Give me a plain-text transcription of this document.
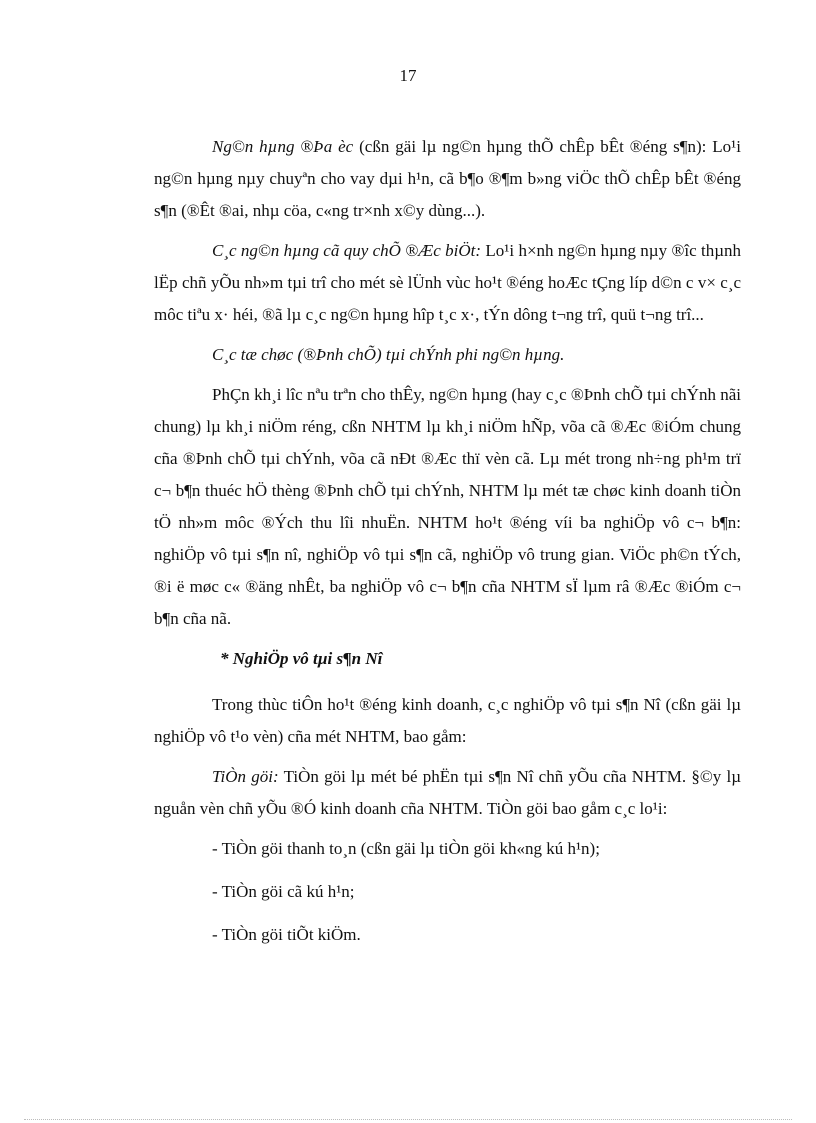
17

Ng©n hµng ®Þa èc (cßn gäi lµ ng©n hµng thÕ chÊp bÊt ®éng s¶n): Lo¹i ng©n hµng nµy chuyªn cho vay dµi h¹n, cã b¶o ®¶m b»ng viÖc thÕ chÊp bÊt ®éng s¶n (®Êt ®ai, nhµ cöa, c«ng tr×nh x©y dùng...).

C¸c ng©n hµng cã quy chÕ ®Æc biÖt: Lo¹i h×nh ng©n hµng nµy ®îc thµnh lËp chñ yÕu nh»m tµi trî cho mét sè lÜnh vùc ho¹t ®éng hoÆc tÇng líp d©n c v× c¸c môc tiªu x· héi, ®ã lµ c¸c ng©n hµng hîp t¸c x·, tÝn dông t¬ng trî, quü t¬ng trî...

C¸c tæ chøc (®Þnh chÕ) tµi chÝnh phi ng©n hµng.

PhÇn kh¸i lîc nªu trªn cho thÊy, ng©n hµng (hay c¸c ®Þnh chÕ tµi chÝnh nãi chung) lµ kh¸i niÖm réng, cßn NHTM lµ kh¸i niÖm hÑp, võa cã ®Æc ®iÓm chung cña ®Þnh chÕ tµi chÝnh, võa cã nÐt ®Æc thï vèn cã. Lµ mét trong nh÷ng ph¹m trï c¬ b¶n thuéc hÖ thèng ®Þnh chÕ tµi chÝnh, NHTM lµ mét tæ chøc kinh doanh tiÒn tÖ nh»m môc ®Ých thu lîi nhuËn. NHTM ho¹t ®éng víi ba nghiÖp vô c¬ b¶n: nghiÖp vô tµi s¶n nî, nghiÖp vô tµi s¶n cã, nghiÖp vô trung gian. ViÖc ph©n tÝch, ®i ë møc c« ®äng nhÊt, ba nghiÖp vô c¬ b¶n cña NHTM sÏ lµm râ ®Æc ®iÓm c¬ b¶n cña nã.

* NghiÖp vô tµi s¶n Nî

Trong thùc tiÔn ho¹t ®éng kinh doanh, c¸c nghiÖp vô tµi s¶n Nî (cßn gäi lµ nghiÖp vô t¹o vèn) cña mét NHTM, bao gåm:

TiÒn göi: TiÒn göi lµ mét bé phËn tµi s¶n Nî chñ yÕu cña NHTM. §©y lµ nguån vèn chñ yÕu ®Ó kinh doanh cña NHTM. TiÒn göi bao gåm c¸c lo¹i:

- TiÒn göi thanh to¸n (cßn gäi lµ tiÒn göi kh«ng kú h¹n);

- TiÒn göi cã kú h¹n;

- TiÒn göi tiÕt kiÖm.
